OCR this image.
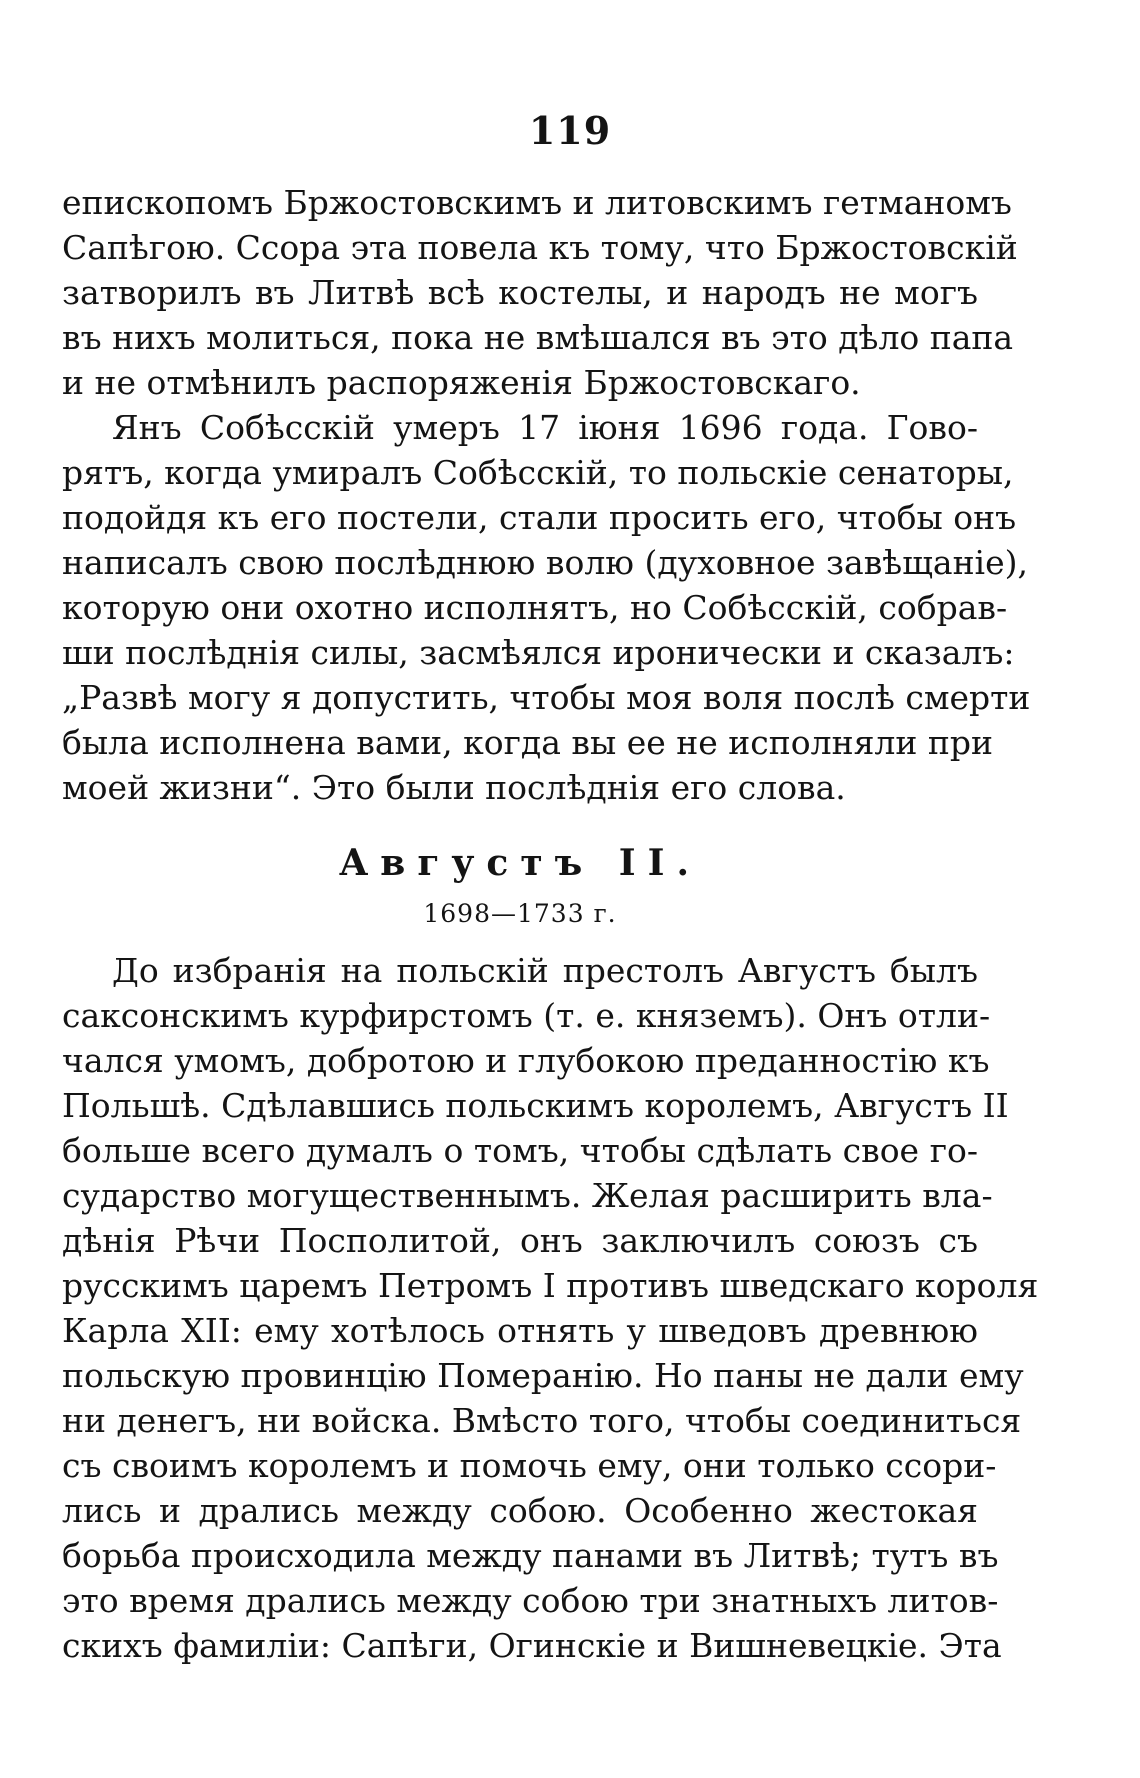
119
епископомъ Бржостовскимъ и литовскимъ гетманомъ
Сапѣгою. Ссора эта повела къ тому, что Бржостовскій
затворилъ въ Литвѣ всѣ костелы, и народъ не могъ
въ нихъ молиться, пока не вмѣшался въ это дѣло папа
и не отмѣнилъ распоряженія Бржостовскаго.
Янъ Собѣсскій умеръ 17 іюня 1696 года. Гово-
рятъ, когда умиралъ Собѣсскій, то польскіе сенаторы,
подойдя къ его постели, стали просить его, чтобы онъ
написалъ свою послѣднюю волю (духовное завѣщаніе),
которую они охотно исполнятъ, но Собѣсскій, собрав-
ши послѣднія силы, засмѣялся иронически и сказалъ:
„Развѣ могу я допустить, чтобы моя воля послѣ смерти
была исполнена вами, когда вы ее не исполняли при
моей жизни“. Это были послѣднія его слова.
Августъ II.
1698—1733 г.
До избранія на польскій престолъ Августъ былъ
саксонскимъ курфирстомъ (т. е. княземъ). Онъ отли-
чался умомъ, добротою и глубокою преданностію къ
Польшѣ. Сдѣлавшись польскимъ королемъ, Августъ II
больше всего думалъ о томъ, чтобы сдѣлать свое го-
сударство могущественнымъ. Желая расширить вла-
дѣнія Рѣчи Посполитой, онъ заключилъ союзъ съ
русскимъ царемъ Петромъ I противъ шведскаго короля
Карла XII: ему хотѣлось отнять у шведовъ древнюю
польскую провинцію Померанію. Но паны не дали ему
ни денегъ, ни войска. Вмѣсто того, чтобы соединиться
съ своимъ королемъ и помочь ему, они только ссори-
лись и дрались между собою. Особенно жестокая
борьба происходила между панами въ Литвѣ; тутъ въ
это время дрались между собою три знатныхъ литов-
скихъ фамиліи: Сапѣги, Огинскіе и Вишневецкіе. Эта
